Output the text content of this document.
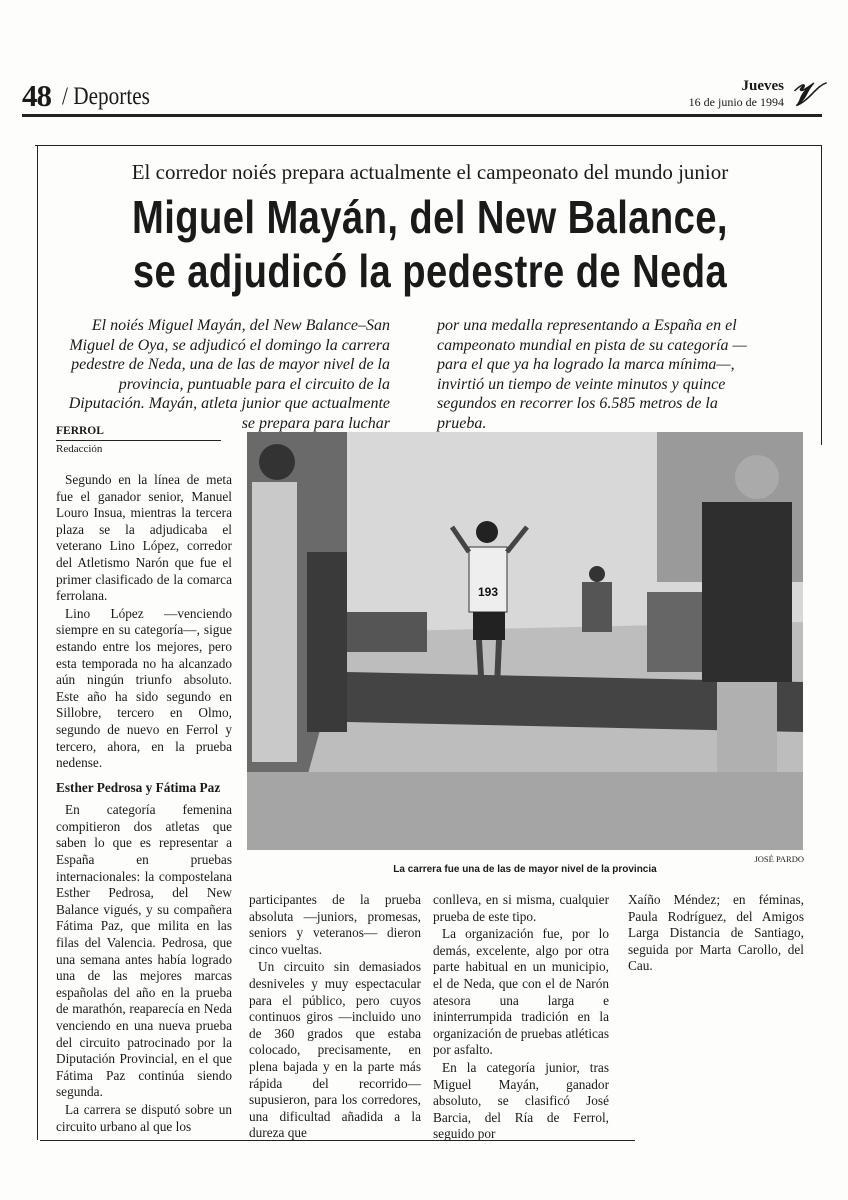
48 / Deportes	Jueves
16 de junio de 1994 𝒱
El corredor noiés prepara actualmente el campeonato del mundo junior
Miguel Mayán, del New Balance,
se adjudicó la pedestre de Neda

El noiés Miguel Mayán, del New Balance–San Miguel de Oya, se adjudicó el domingo la carrera pedestre de Neda, una de las de mayor nivel de la provincia, puntuable para el circuito de la Diputación. Mayán, atleta junior que actualmente se prepara para luchar

por una medalla representando a España en el campeonato mundial en pista de su categoría —para el que ya ha logrado la marca mínima—, invirtió un tiempo de veinte minutos y quince segundos en recorrer los 6.585 metros de la prueba.

FERROL
Redacción

Segundo en la línea de meta fue el ganador senior, Manuel Louro Insua, mientras la tercera plaza se la adjudicaba el veterano Lino López, corredor del Atletismo Narón que fue el primer clasificado de la comarca ferrolana.

Lino López —venciendo siempre en su categoría—, sigue estando entre los mejores, pero esta temporada no ha alcanzado aún ningún triunfo absoluto. Este año ha sido segundo en Sillobre, tercero en Olmo, segundo de nuevo en Ferrol y tercero, ahora, en la prueba nedense.

Esther Pedrosa y Fátima Paz

En categoría femenina compitieron dos atletas que saben lo que es representar a España en pruebas internacionales: la compostelana Esther Pedrosa, del New Balance vigués, y su compañera Fátima Paz, que milita en las filas del Valencia. Pedrosa, que una semana antes había logrado una de las mejores marcas españolas del año en la prueba de marathón, reaparecía en Neda venciendo en una nueva prueba del circuito patrocinado por la Diputación Provincial, en el que Fátima Paz continúa siendo segunda.

La carrera se disputó sobre un circuito urbano al que los

193
JOSÉ PARDO
La carrera fue una de las de mayor nivel de la provincia

participantes de la prueba absoluta —juniors, promesas, seniors y veteranos— dieron cinco vueltas.

Un circuito sin demasiados desniveles y muy espectacular para el público, pero cuyos continuos giros —incluido uno de 360 grados que estaba colocado, precisamente, en plena bajada y en la parte más rápida del recorrido— supusieron, para los corredores, una dificultad añadida a la dureza que

conlleva, en si misma, cualquier prueba de este tipo.

La organización fue, por lo demás, excelente, algo por otra parte habitual en un municipio, el de Neda, que con el de Narón atesora una larga e ininterrumpida tradición en la organización de pruebas atléticas por asfalto.

En la categoría junior, tras Miguel Mayán, ganador absoluto, se clasificó José Barcia, del Ría de Ferrol, seguido por

Xaíño Méndez; en féminas, Paula Rodríguez, del Amigos Larga Distancia de Santiago, seguida por Marta Carollo, del Cau.
